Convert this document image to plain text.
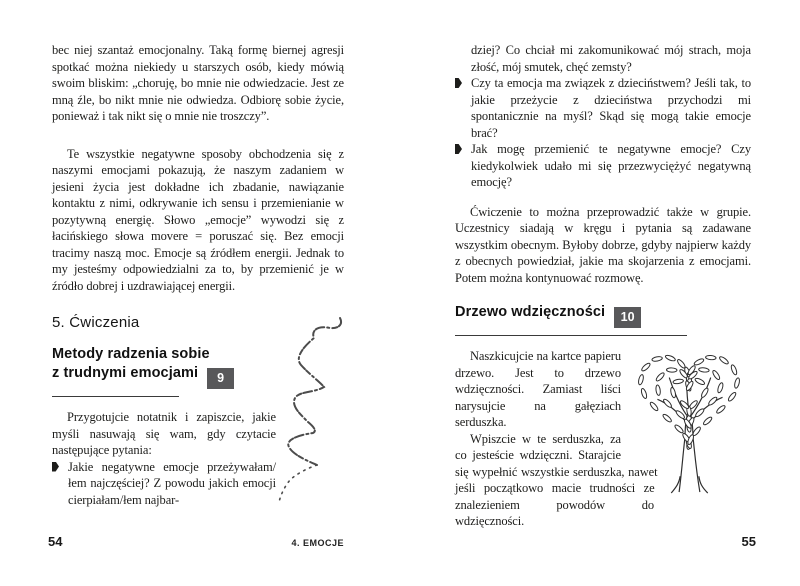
bec niej szantaż emocjonalny. Taką formę biernej agresji spotkać można niekiedy u starszych osób, kiedy mówią swoim bliskim: „choruję, bo mnie nie odwiedzacie. Jest ze mną źle, bo nikt mnie nie odwiedza. Odbiorę sobie życie, ponieważ i tak nikt się o mnie nie troszczy”.

Te wszystkie negatywne sposoby obchodzenia się z naszymi emocjami pokazują, że naszym zadaniem w jesieni życia jest dokładne ich zbadanie, nawiązanie kontaktu z nimi, odkrywanie ich sensu i przemienianie w pozytywną energię. Słowo „emocje” wywodzi się z łacińskiego słowa movere = poruszać się. Bez emocji tracimy naszą moc. Emocje są źródłem energii. Jednak to my jesteśmy odpowiedzialni za to, by przemienić je w źródło dobrej i uzdrawiającej energii.

5. Ćwiczenia
Metody radzenia sobie
z trudnymi emocjami 9

Przygotujcie notatnik i zapiszcie, jakie myśli nasuwają się wam, gdy czytacie następujące pytania:

Jakie negatywne emocje przeżywałam/łem najczęściej? Z powodu jakich emocji cierpiałam/łem najbar-

dziej? Co chciał mi zakomunikować mój strach, moja złość, mój smutek, chęć zemsty?

Czy ta emocja ma związek z dzieciństwem? Jeśli tak, to jakie przeżycie z dzieciństwa przychodzi mi spontanicznie na myśl? Skąd się mogą takie emocje brać?

Jak mogę przemienić te negatywne emocje? Czy kiedykolwiek udało mi się przezwyciężyć negatywną emocję?

Ćwiczenie to można przeprowadzić także w grupie. Uczestnicy siadają w kręgu i pytania są zadawane wszystkim obecnym. Byłoby dobrze, gdyby najpierw każdy z obecnych powiedział, jakie ma skojarzenia z emocjami. Potem można kontynuować rozmowę.

Drzewo wdzięczności 10

Naszkicujcie na kartce papieru drzewo. Jest to drzewo wdzięczności. Zamiast liści narysujcie na gałęziach serduszka.

Wpiszcie w te serduszka, za co jesteście wdzięczni. Starajcie się wypełnić wszystkie serduszka, nawet jeśli początkowo macie trudności ze znalezieniem powodów do wdzięczności.

54	4. EMOCJE	55
